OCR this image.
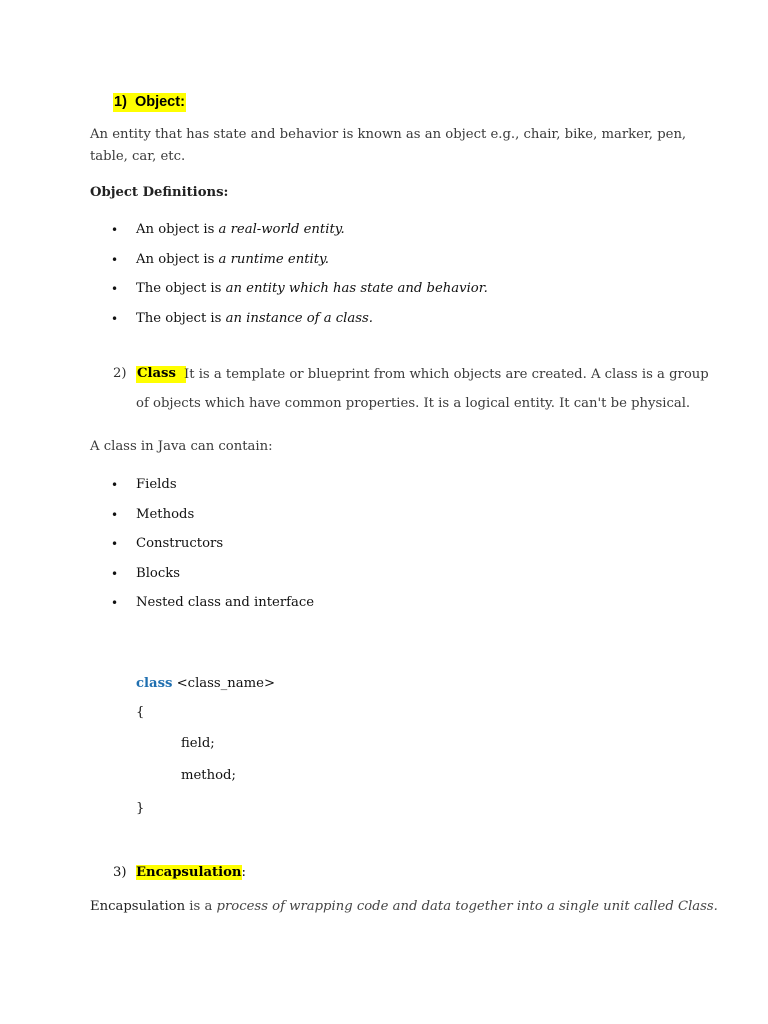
1)  Object:
An entity that has state and behavior is known as an object e.g., chair, bike, marker, pen,
table, car, etc.
Object Definitions:
• An object is a real-world entity.
• An object is a runtime entity.
• The object is an entity which has state and behavior.
• The object is an instance of a class.
2) Class It is a template or blueprint from which objects are created. A class is a group
of objects which have common properties. It is a logical entity. It can't be physical.
A class in Java can contain:
• Fields
• Methods
• Constructors
• Blocks
• Nested class and interface
class <class_name>
{
field;
method;
}
3) Encapsulation:
Encapsulation is a process of wrapping code and data together into a single unit called Class.
